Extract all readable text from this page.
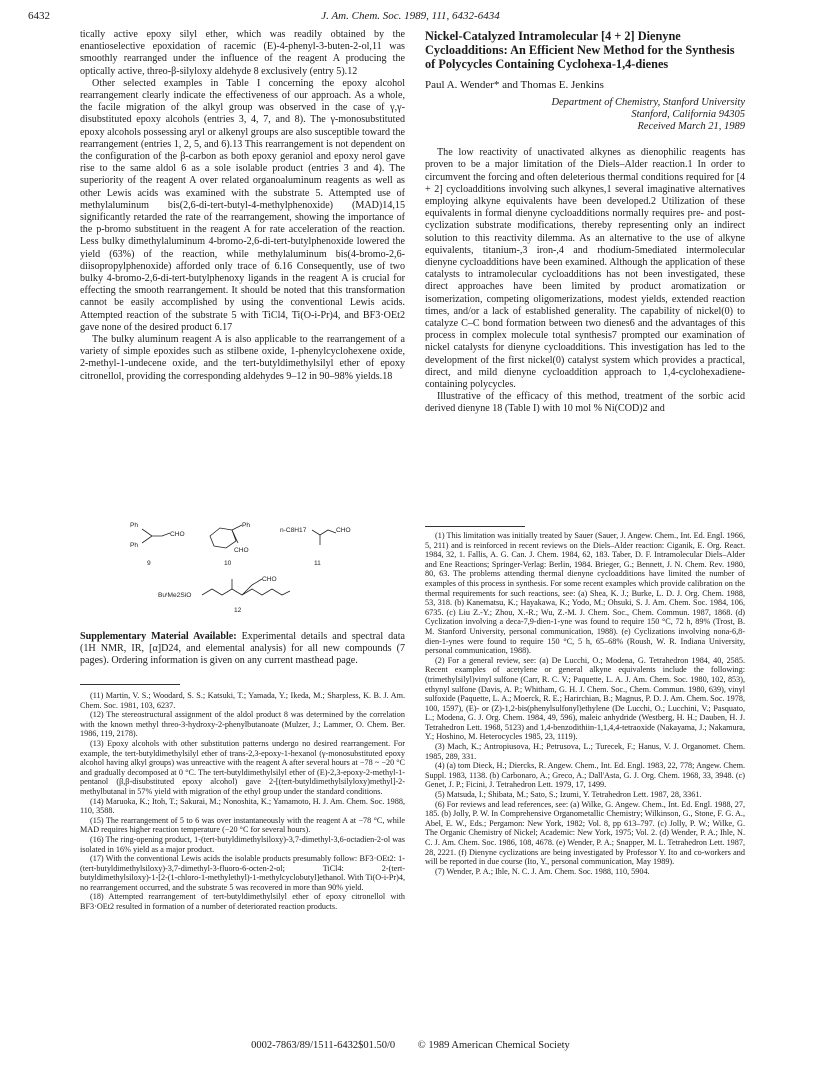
6432	J. Am. Chem. Soc. 1989, 111, 6432-6434

tically active epoxy silyl ether, which was readily obtained by the enantioselective epoxidation of racemic (E)-4-phenyl-3-buten-2-ol,11 was smoothly rearranged under the influence of the reagent A producing the optically active, threo-β-silyloxy aldehyde 8 exclusively (entry 5).12

Other selected examples in Table I concerning the epoxy alcohol rearrangement clearly indicate the effectiveness of our approach. As a whole, the facile migration of the alkyl group was observed in the case of γ,γ-disubstituted epoxy alcohols (entries 3, 4, 7, and 8). The γ-monosubstituted epoxy alcohols possessing aryl or alkenyl groups are also susceptible toward the rearrangement (entries 1, 2, 5, and 6).13 This rearrangement is not dependent on the configuration of the β-carbon as both epoxy geraniol and epoxy nerol gave rise to the same aldol 6 as a sole isolable product (entries 3 and 4). The superiority of the reagent A over related organoaluminum reagents as well as other Lewis acids was examined with the substrate 5. Attempted use of methylaluminum bis(2,6-di-tert-butyl-4-methylphenoxide) (MAD)14,15 significantly retarded the rate of the rearrangement, showing the importance of the p-bromo substituent in the reagent A for rate acceleration of the reaction. Less bulky dimethylaluminum 4-bromo-2,6-di-tert-butylphenoxide lowered the yield (63%) of the reaction, while methylaluminum bis(4-bromo-2,6-diisopropylphenoxide) afforded only trace of 6.16 Consequently, use of two bulky 4-bromo-2,6-di-tert-butylphenoxy ligands in the reagent A is crucial for effecting the smooth rearrangement. It should be noted that this transformation cannot be easily accomplished by using the conventional Lewis acids. Attempted reaction of the substrate 5 with TiCl4, Ti(O-i-Pr)4, and BF3·OEt2 gave none of the desired product 6.17

The bulky aluminum reagent A is also applicable to the rearrangement of a variety of simple epoxides such as stilbene oxide, 1-phenylcyclohexene oxide, 2-methyl-1-undecene oxide, and the tert-butyldimethylsilyl ether of epoxy citronellol, providing the corresponding aldehydes 9–12 in 90–98% yields.18

Ph
Ph
CHO
9
Ph
CHO
10
n-C8H17	CHO
11
BuᵗMe2SiO
CHO
12

Supplementary Material Available: Experimental details and spectral data (1H NMR, IR, [α]D24, and elemental analysis) for all new compounds (7 pages). Ordering information is given on any current masthead page.

(11) Martin, V. S.; Woodard, S. S.; Katsuki, T.; Yamada, Y.; Ikeda, M.; Sharpless, K. B. J. Am. Chem. Soc. 1981, 103, 6237.
(12) The stereostructural assignment of the aldol product 8 was determined by the correlation with the known methyl threo-3-hydroxy-2-phenylbutanoate (Mulzer, J.; Lammer, O. Chem. Ber. 1986, 119, 2178).
(13) Epoxy alcohols with other substitution patterns undergo no desired rearrangement. For example, the tert-butyldimethylsilyl ether of trans-2,3-epoxy-1-hexanol (γ-monosubstituted epoxy alcohol having alkyl groups) was unreactive with the reagent A after several hours at −78 ~ −20 °C and gradually decomposed at 0 °C. The tert-butyldimethylsilyl ether of (E)-2,3-epoxy-2-methyl-1-pentanol (β,β-disubstituted epoxy alcohol) gave 2-[(tert-butyldimethylsilyloxy)methyl]-2-methylbutanal in 57% yield with migration of the ethyl group under the standard conditions.
(14) Maruoka, K.; Itoh, T.; Sakurai, M.; Nonoshita, K.; Yamamoto, H. J. Am. Chem. Soc. 1988, 110, 3588.
(15) The rearrangement of 5 to 6 was over instantaneously with the reagent A at −78 °C, while MAD requires higher reaction temperature (−20 °C for several hours).
(16) The ring-opening product, 1-(tert-butyldimethylsiloxy)-3,7-dimethyl-3,6-octadien-2-ol was isolated in 16% yield as a major product.
(17) With the conventional Lewis acids the isolable products presumably follow: BF3·OEt2: 1-(tert-butyldimethylsiloxy)-3,7-dimethyl-3-fluoro-6-octen-2-ol; TiCl4: 2-(tert-butyldimethylsiloxy)-1-[2-(1-chloro-1-methylethyl)-1-methylcyclobutyl]ethanol. With Ti(O-i-Pr)4, no rearrangement occurred, and the substrate 5 was recovered in more than 90% yield.
(18) Attempted rearrangement of tert-butyldimethylsilyl ether of epoxy citronellol with BF3·OEt2 resulted in formation of a number of deteriorated reaction products.
Nickel-Catalyzed Intramolecular [4 + 2] Dienyne Cycloadditions: An Efficient New Method for the Synthesis of Polycycles Containing Cyclohexa-1,4-dienes
Paul A. Wender* and Thomas E. Jenkins
Department of Chemistry, Stanford University
Stanford, California 94305
Received March 21, 1989

The low reactivity of unactivated alkynes as dienophilic reagents has proven to be a major limitation of the Diels–Alder reaction.1 In order to circumvent the forcing and often deleterious thermal conditions required for [4 + 2] cycloadditions involving such alkynes,1 several imaginative alternatives employing alkyne equivalents have been developed.2 Utilization of these equivalents in formal dienyne cycloadditions normally requires pre- and post-cyclization substrate modifications, thereby representing only an indirect solution to this reactivity dilemma. As an alternative to the use of alkyne equivalents, titanium-,3 iron-,4 and rhodium-5mediated intermolecular dienyne cycloadditions have been examined. Although the application of these catalysts to intramolecular cycloadditions has not been investigated, these direct approaches have been limited by product aromatization or isomerization, competing oligomerizations, modest yields, extended reaction times, and/or a lack of established generality. The capability of nickel(0) to catalyze C–C bond formation between two dienes6 and the advantages of this process in complex molecule total synthesis7 prompted our examination of nickel catalysts for dienyne cycloadditions. This investigation has led to the development of the first nickel(0) catalyst system which provides a practical, direct, and mild dienyne cycloaddition approach to 1,4-cyclohexadiene-containing polycycles.

Illustrative of the efficacy of this method, treatment of the sorbic acid derived dienyne 18 (Table I) with 10 mol % Ni(COD)2 and

(1) This limitation was initially treated by Sauer (Sauer, J. Angew. Chem., Int. Ed. Engl. 1966, 5, 211) and is reinforced in recent reviews on the Diels–Alder reaction: Ciganik, E. Org. React. 1984, 32, 1. Fallis, A. G. Can. J. Chem. 1984, 62, 183. Taber, D. F. Intramolecular Diels–Alder and Ene Reactions; Springer-Verlag: Berlin, 1984. Brieger, G.; Bennett, J. N. Chem. Rev. 1980, 80, 63. The problems attending thermal dienyne cycloadditions have limited the number of examples of this process in synthesis. For some recent examples which provide calibration on the thermal requirements for such reactions, see: (a) Shea, K. J.; Burke, L. D. J. Org. Chem. 1988, 53, 318. (b) Kanematsu, K.; Hayakawa, K.; Yodo, M.; Ohsuki, S. J. Am. Chem. Soc. 1984, 106, 6735. (c) Liu Z.-Y.; Zhou, X.-R.; Wu, Z.-M. J. Chem. Soc., Chem. Commun. 1987, 1868. (d) Cyclization involving a deca-7,9-dien-1-yne was found to require 150 °C, 72 h, 89% (Trost, B. M. Stanford University, personal communication, 1988). (e) Cyclizations involving nona-6,8-dien-1-ynes were found to require 150 °C, 5 h, 65–68% (Roush, W. R. Indiana University, personal communication, 1988).
(2) For a general review, see: (a) De Lucchi, O.; Modena, G. Tetrahedron 1984, 40, 2585. Recent examples of acetylene or general alkyne equivalents include the following: (trimethylsilyl)vinyl sulfone (Carr, R. C. V.; Paquette, L. A. J. Am. Chem. Soc. 1980, 102, 853), ethynyl sulfone (Davis, A. P.; Whitham, G. H. J. Chem. Soc., Chem. Commun. 1980, 639), vinyl sulfoxide (Paquette, L. A.; Moerck, R. E.; Harirchian, B.; Magnus, P. D. J. Am. Chem. Soc. 1978, 100, 1597), (E)- or (Z)-1,2-bis(phenylsulfonyl)ethylene (De Lucchi, O.; Lucchini, V.; Pasquato, L.; Modena, G. J. Org. Chem. 1984, 49, 596), maleic anhydride (Westberg, H. H.; Dauben, H. J. Tetrahedron Lett. 1968, 5123) and 1,4-benzodithiin-1,1,4,4-tetraoxide (Nakayama, J.; Nakamura, Y.; Hoshino, M. Heterocycles 1985, 23, 1119).
(3) Mach, K.; Antropiusova, H.; Petrusova, L.; Turecek, F.; Hanus, V. J. Organomet. Chem. 1985, 289, 331.
(4) (a) tom Dieck, H.; Diercks, R. Angew. Chem., Int. Ed. Engl. 1983, 22, 778; Angew. Chem. Suppl. 1983, 1138. (b) Carbonaro, A.; Greco, A.; Dall'Asta, G. J. Org. Chem. 1968, 33, 3948. (c) Genet, J. P.; Ficini, J. Tetrahedron Lett. 1979, 17, 1499.
(5) Matsuda, I.; Shibata, M.; Sato, S.; Izumi, Y. Tetrahedron Lett. 1987, 28, 3361.
(6) For reviews and lead references, see: (a) Wilke, G. Angew. Chem., Int. Ed. Engl. 1988, 27, 185. (b) Jolly, P. W. In Comprehensive Organometallic Chemistry; Wilkinson, G., Stone, F. G. A., Abel, E. W., Eds.; Pergamon: New York, 1982; Vol. 8, pp 613–797. (c) Jolly, P. W.; Wilke, G. The Organic Chemistry of Nickel; Academic: New York, 1975; Vol. 2. (d) Wender, P. A.; Ihle, N. C. J. Am. Chem. Soc. 1986, 108, 4678. (e) Wender, P. A.; Snapper, M. L. Tetrahedron Lett. 1987, 28, 2221. (f) Dienyne cyclizations are being investigated by Professor Y. Ito and co-workers and will be reported in due course (Ito, Y., personal communication, May 1989).
(7) Wender, P. A.; Ihle, N. C. J. Am. Chem. Soc. 1988, 110, 5904.
0002-7863/89/1511-6432$01.50/0 © 1989 American Chemical Society
